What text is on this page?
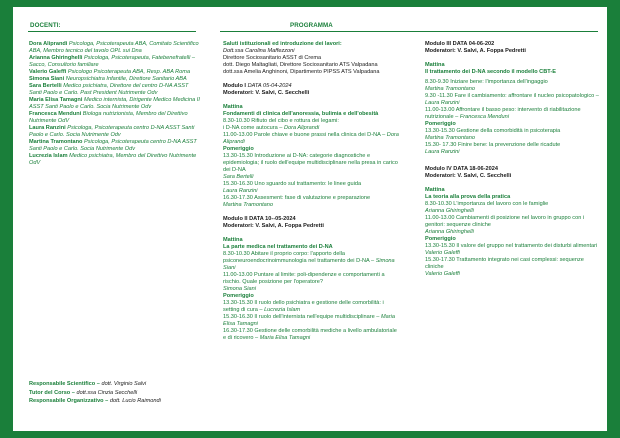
DOCENTI:	PROGRAMMA

Dora Aliprandi Psicologa, Psicoterapeuta ABA, Comitato Scientifico ABA, Membro tecnico del tavolo OPL sui Dna

Arianna Ghiringhelli Psicologa, Psicoterapeuta, Fatebenefratelli – Sacco, Consultorio familiare

Valerio Galeffi Psicologo Psicoterapeuta ABA, Resp. ABA Roma

Simona Siani Neuropsichiatra Infantile, Direttore Sanitario ABA

Sara Bertelli Medico psichiatra, Direttore del centro D-NA ASST Santi Paolo e Carlo. Past President Nutrimente Odv

Maria Elisa Tamagni Medico internista, Dirigente Medico Medicina II ASST Santi Paolo e Carlo. Socia Nutrimente Odv

Francesca Menduni Biologa nutrizionista, Membro del Direttivo Nutrimente OdV

Laura Ranzini Psicologa, Psicoterapeuta centro D-NA ASST Santi Paolo e Carlo. Socia Nutrimente Odv

Martina Tramontano Psicologa, Psicoterapeuta centro D-NA ASST Santi Paolo e Carlo. Socia Nutrimente Odv

Lucrezia Islam Medico psichiatra, Membro del Direttivo Nutrimente OdV

Responsabile Scientifico – dott. Virginio Salvi

Tutor del Corso – dott.ssa Cinzia Secchelli

Responsabile Organizzativo – dott. Lucio Raimondi

Saluti istituzionali ed introduzione dei lavori:

Dott.ssa Carolina Maffezzoni

Direttore Sociosanitario ASST di Crema

dott. Diego Maltagliati, Direttore Sociosanitario ATS Valpadana

dott.ssa Amelia Anghinoni, Dipartimento PIPSS ATS Valpadana

Modulo I DATA 05-04-2024

Moderatori: V. Salvi, C. Secchelli

Mattina

Fondamenti di clinica dell'anoressia, bulimia e dell'obesità

8.30-10.30 Rifiuto del cibo e rottura dei legami:

i D-NA come autocura – Dora Aliprandi

11.00-13.00 Parole chiave e buone prassi nella clinica dei D-NA – Dora Aliprandi

Pomeriggio

13.30-15.30 Introduzione ai D-NA: categorie diagnostiche e epidemiologia; il ruolo dell'equipe multidisciplinare nella presa in carico dei D-NA

Sara Bertelli

15.30-16.30 Uno sguardo sul trattamento: le linee guida

Laura Ranzini

16.30-17.30 Assesment: fase di valutazione e preparazione

Martina Tramontano

Modulo II DATA 10--05-2024

Moderatori: V. Salvi, A. Foppa Pedretti

Mattina

La parte medica nel trattamento dei D-NA

8.30-10.30 Abitare il proprio corpo: l'apporto della psiconeuroendocrinoimmunologia nel trattamento dei D-NA – Simona Siani

11.00-13.00 Puntare al limite: poli-dipendenze e comportamenti a rischio. Quale posizione per l'operatore?

Simona Siani

Pomeriggio

13.30-15.30 Il ruolo dello psichiatra e gestione delle comorbilità: i setting di cura – Lucrezia Islam

15.30-16.30 Il ruolo dell'internista nell'equipe multidisciplinare – Maria Elisa Tamagni

16.30-17.30 Gestione delle comorbilità mediche a livello ambulatoriale e di ricovero – Maria Elisa Tamagni

Modulo III DATA 04-06-202

Moderatori: V. Salvi, A. Foppa Pedretti

Mattina

Il trattamento dei D-NA secondo il modello CBT-E

8.30-9.30 Iniziare bene: l'importanza dell'ingaggio

Martina Tramontano

9.30 -11.30 Fare il cambiamento: affrontare il nucleo psicopatologico –

Laura Ranzini

11.00-13.00 Affrontare il basso peso: intervento di riabilitazione nutrizionale – Francesca Menduni

Pomeriggio

13.30-15.30 Gestione della comorbidità in psicoterapia

Martina Tramontano

15.30- 17.30 Finire bene: la prevenzione delle ricadute

Laura Ranzini

Modulo IV DATA 18-06-2024

Moderatori: V. Salvi, C. Secchelli

Mattina

La teoria alla prova della pratica

8.30-10.30 L'importanza del lavoro con le famiglie

Arianna Ghiringhelli

11.00-13.00 Cambiamenti di posizione nel lavoro in gruppo con i genitori: sequenze cliniche

Arianna Ghiringhelli

Pomeriggio

13.30-15.30 Il valore del gruppo nel trattamento dei disturbi alimentari Valerio Galeffi

15.30-17.30 Trattamento integrato nei casi complessi: sequenze cliniche

Valerio Galeffi
